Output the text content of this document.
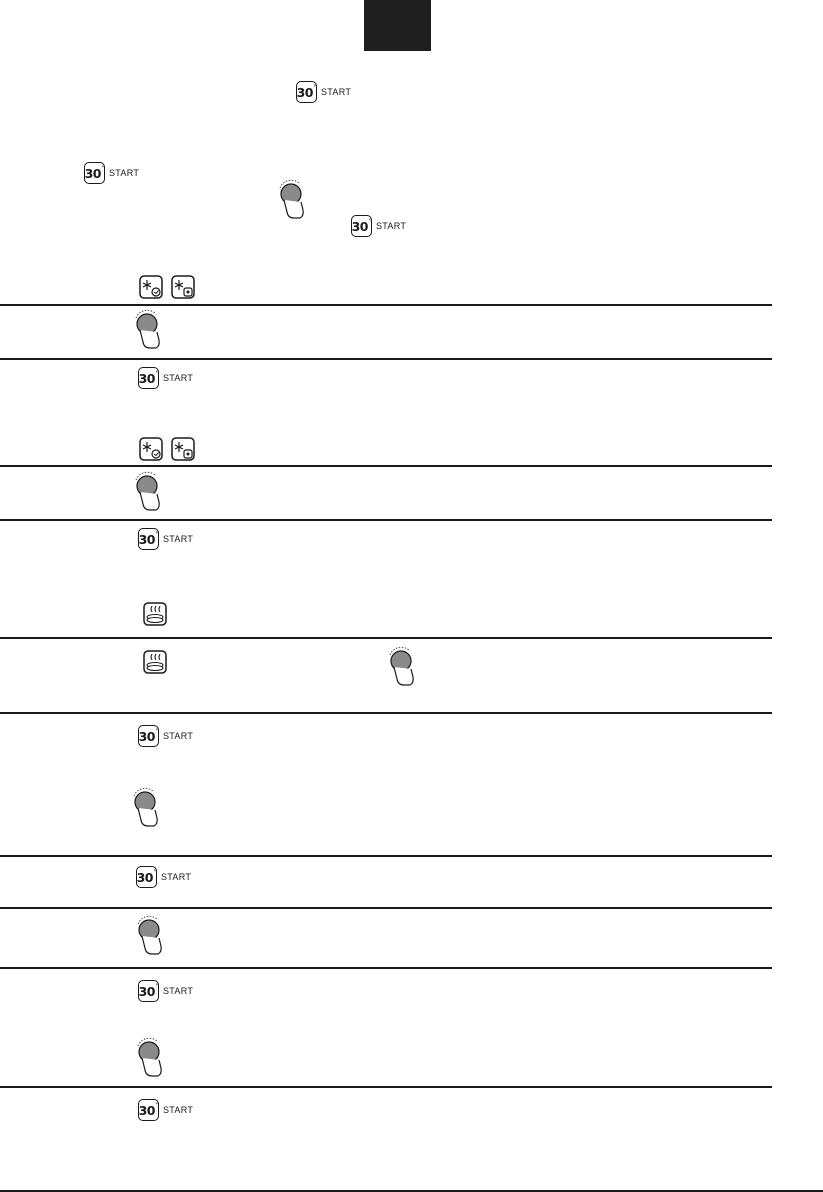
30 " START
30 " START
30 " START
30 " START
30 " START
30 " START
30 " START
30 " START
30 " START
